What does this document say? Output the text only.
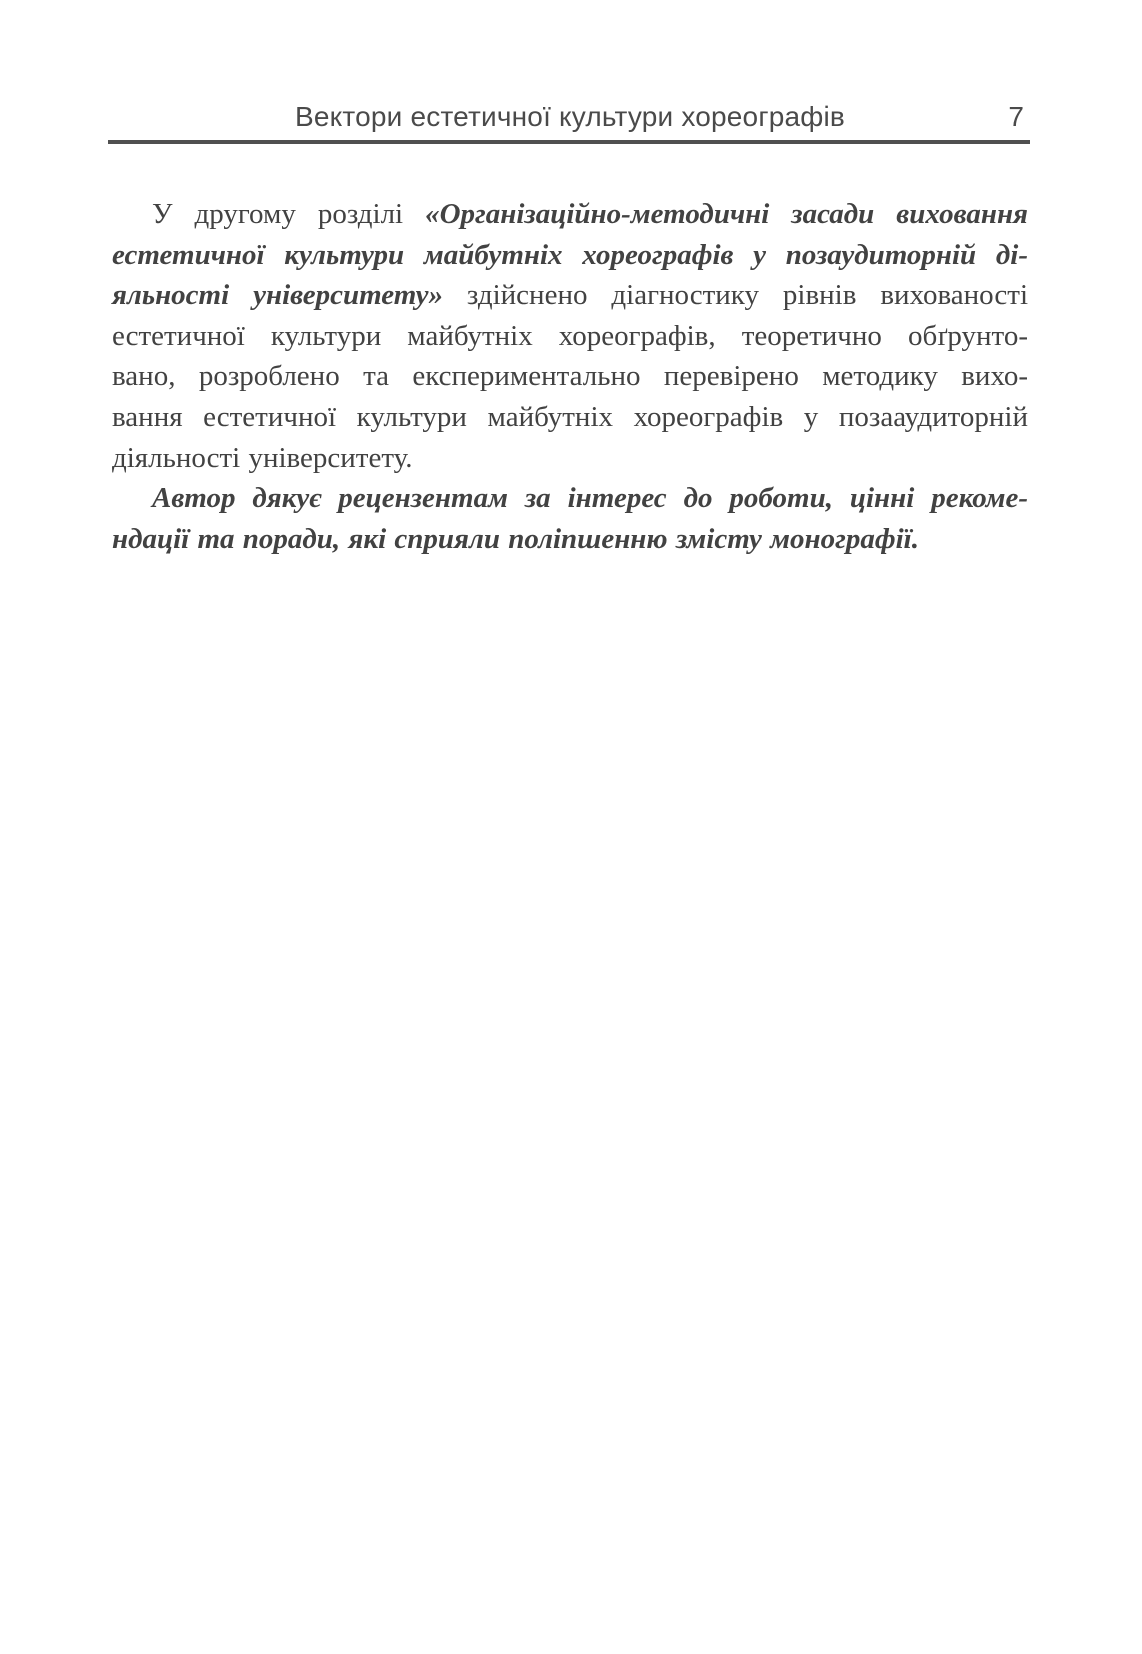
Вектори естетичної культури хореографів	7
У другому розділі «Організаційно-методичні засади виховання
естетичної культури майбутніх хореографів у позаудиторній ді-
яльності університету» здійснено діагностику рівнів вихованості
естетичної культури майбутніх хореографів, теоретично обґрунто-
вано, розроблено та експериментально перевірено методику вихо-
вання естетичної культури майбутніх хореографів у позааудиторній
діяльності університету.
Автор дякує рецензентам за інтерес до роботи, цінні рекоме-
ндації та поради, які сприяли поліпшенню змісту монографії.
